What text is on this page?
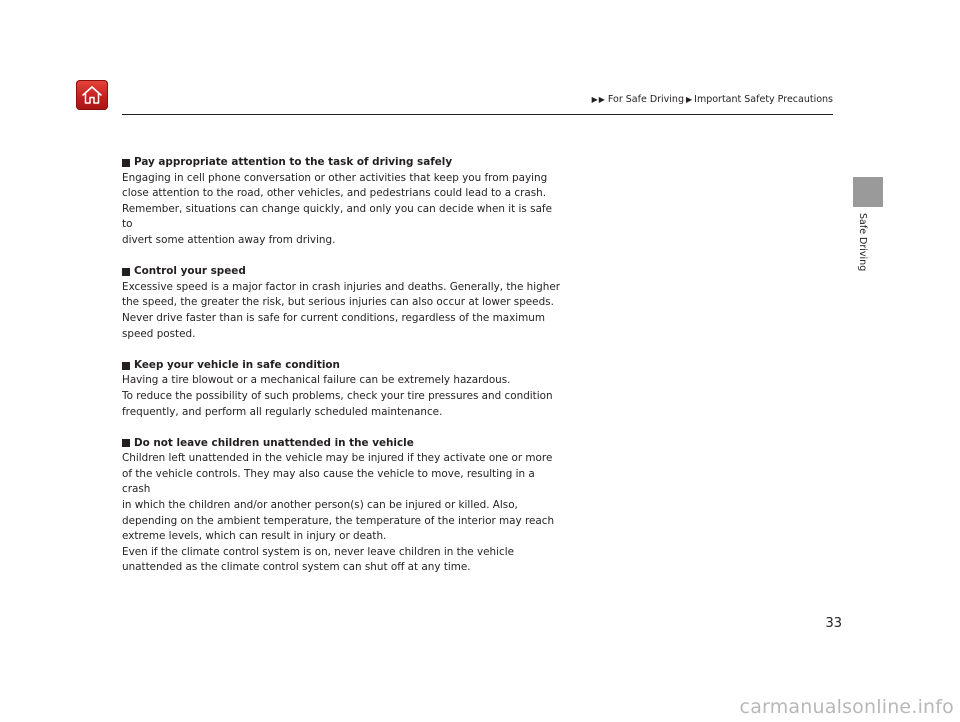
▶▶ For Safe Driving ▶ Important Safety Precautions
Safe Driving
Pay appropriate attention to the task of driving safely
Engaging in cell phone conversation or other activities that keep you from paying
close attention to the road, other vehicles, and pedestrians could lead to a crash.
Remember, situations can change quickly, and only you can decide when it is safe to
divert some attention away from driving.
Control your speed
Excessive speed is a major factor in crash injuries and deaths. Generally, the higher
the speed, the greater the risk, but serious injuries can also occur at lower speeds.
Never drive faster than is safe for current conditions, regardless of the maximum
speed posted.
Keep your vehicle in safe condition
Having a tire blowout or a mechanical failure can be extremely hazardous.
To reduce the possibility of such problems, check your tire pressures and condition
frequently, and perform all regularly scheduled maintenance.
Do not leave children unattended in the vehicle
Children left unattended in the vehicle may be injured if they activate one or more
of the vehicle controls. They may also cause the vehicle to move, resulting in a crash
in which the children and/or another person(s) can be injured or killed. Also,
depending on the ambient temperature, the temperature of the interior may reach
extreme levels, which can result in injury or death.
Even if the climate control system is on, never leave children in the vehicle
unattended as the climate control system can shut off at any time.
33
carmanualsonline.info
